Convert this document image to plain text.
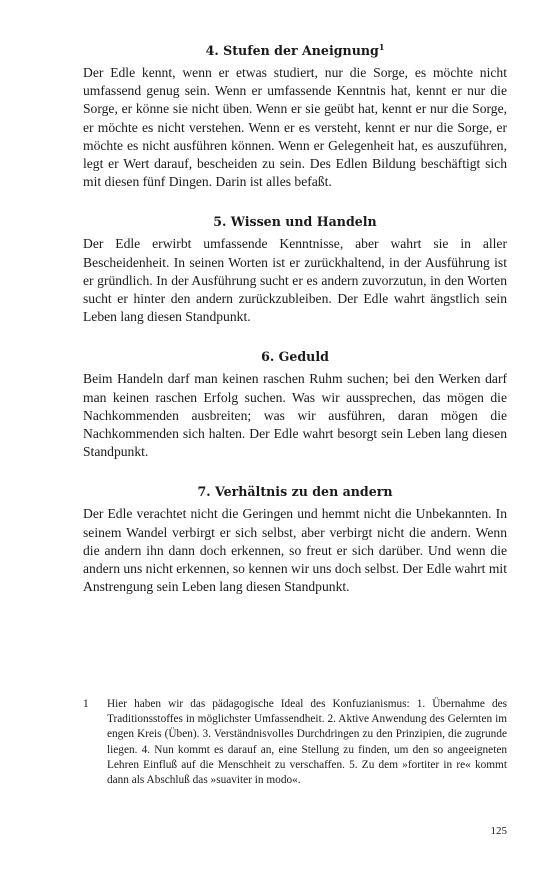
4. Stufen der Aneignung$^1$

Der Edle kennt, wenn er etwas studiert, nur die Sorge, es möchte nicht umfassend genug sein. Wenn er umfassende Kenntnis hat, kennt er nur die Sorge, er könne sie nicht üben. Wenn er sie geübt hat, kennt er nur die Sorge, er möchte es nicht verstehen. Wenn er es versteht, kennt er nur die Sorge, er möchte es nicht ausführen können. Wenn er Gelegenheit hat, es auszuführen, legt er Wert darauf, bescheiden zu sein. Des Edlen Bildung beschäftigt sich mit diesen fünf Dingen. Darin ist alles befaßt.

5. Wissen und Handeln

Der Edle erwirbt umfassende Kenntnisse, aber wahrt sie in aller Bescheidenheit. In seinen Worten ist er zurückhaltend, in der Ausführung ist er gründlich. In der Ausführung sucht er es andern zuvorzutun, in den Worten sucht er hinter den andern zurückzubleiben. Der Edle wahrt ängstlich sein Leben lang diesen Standpunkt.

6. Geduld

Beim Handeln darf man keinen raschen Ruhm suchen; bei den Werken darf man keinen raschen Erfolg suchen. Was wir aussprechen, das mögen die Nachkommenden ausbreiten; was wir ausführen, daran mögen die Nachkommenden sich halten. Der Edle wahrt besorgt sein Leben lang diesen Standpunkt.

7. Verhältnis zu den andern

Der Edle verachtet nicht die Geringen und hemmt nicht die Unbekannten. In seinem Wandel verbirgt er sich selbst, aber verbirgt nicht die andern. Wenn die andern ihn dann doch erkennen, so freut er sich darüber. Und wenn die andern uns nicht erkennen, so kennen wir uns doch selbst. Der Edle wahrt mit Anstrengung sein Leben lang diesen Standpunkt.

1	Hier haben wir das pädagogische Ideal des Konfuzianismus: 1. Übernahme des Traditionsstoffes in möglichster Umfassendheit. 2. Aktive Anwendung des Gelernten im engen Kreis (Üben). 3. Verständnisvolles Durchdringen zu den Prinzipien, die zugrunde liegen. 4. Nun kommt es darauf an, eine Stellung zu finden, um den so angeeigneten Lehren Einfluß auf die Menschheit zu verschaffen. 5. Zu dem »fortiter in re« kommt dann als Abschluß das »suaviter in modo«.
125
